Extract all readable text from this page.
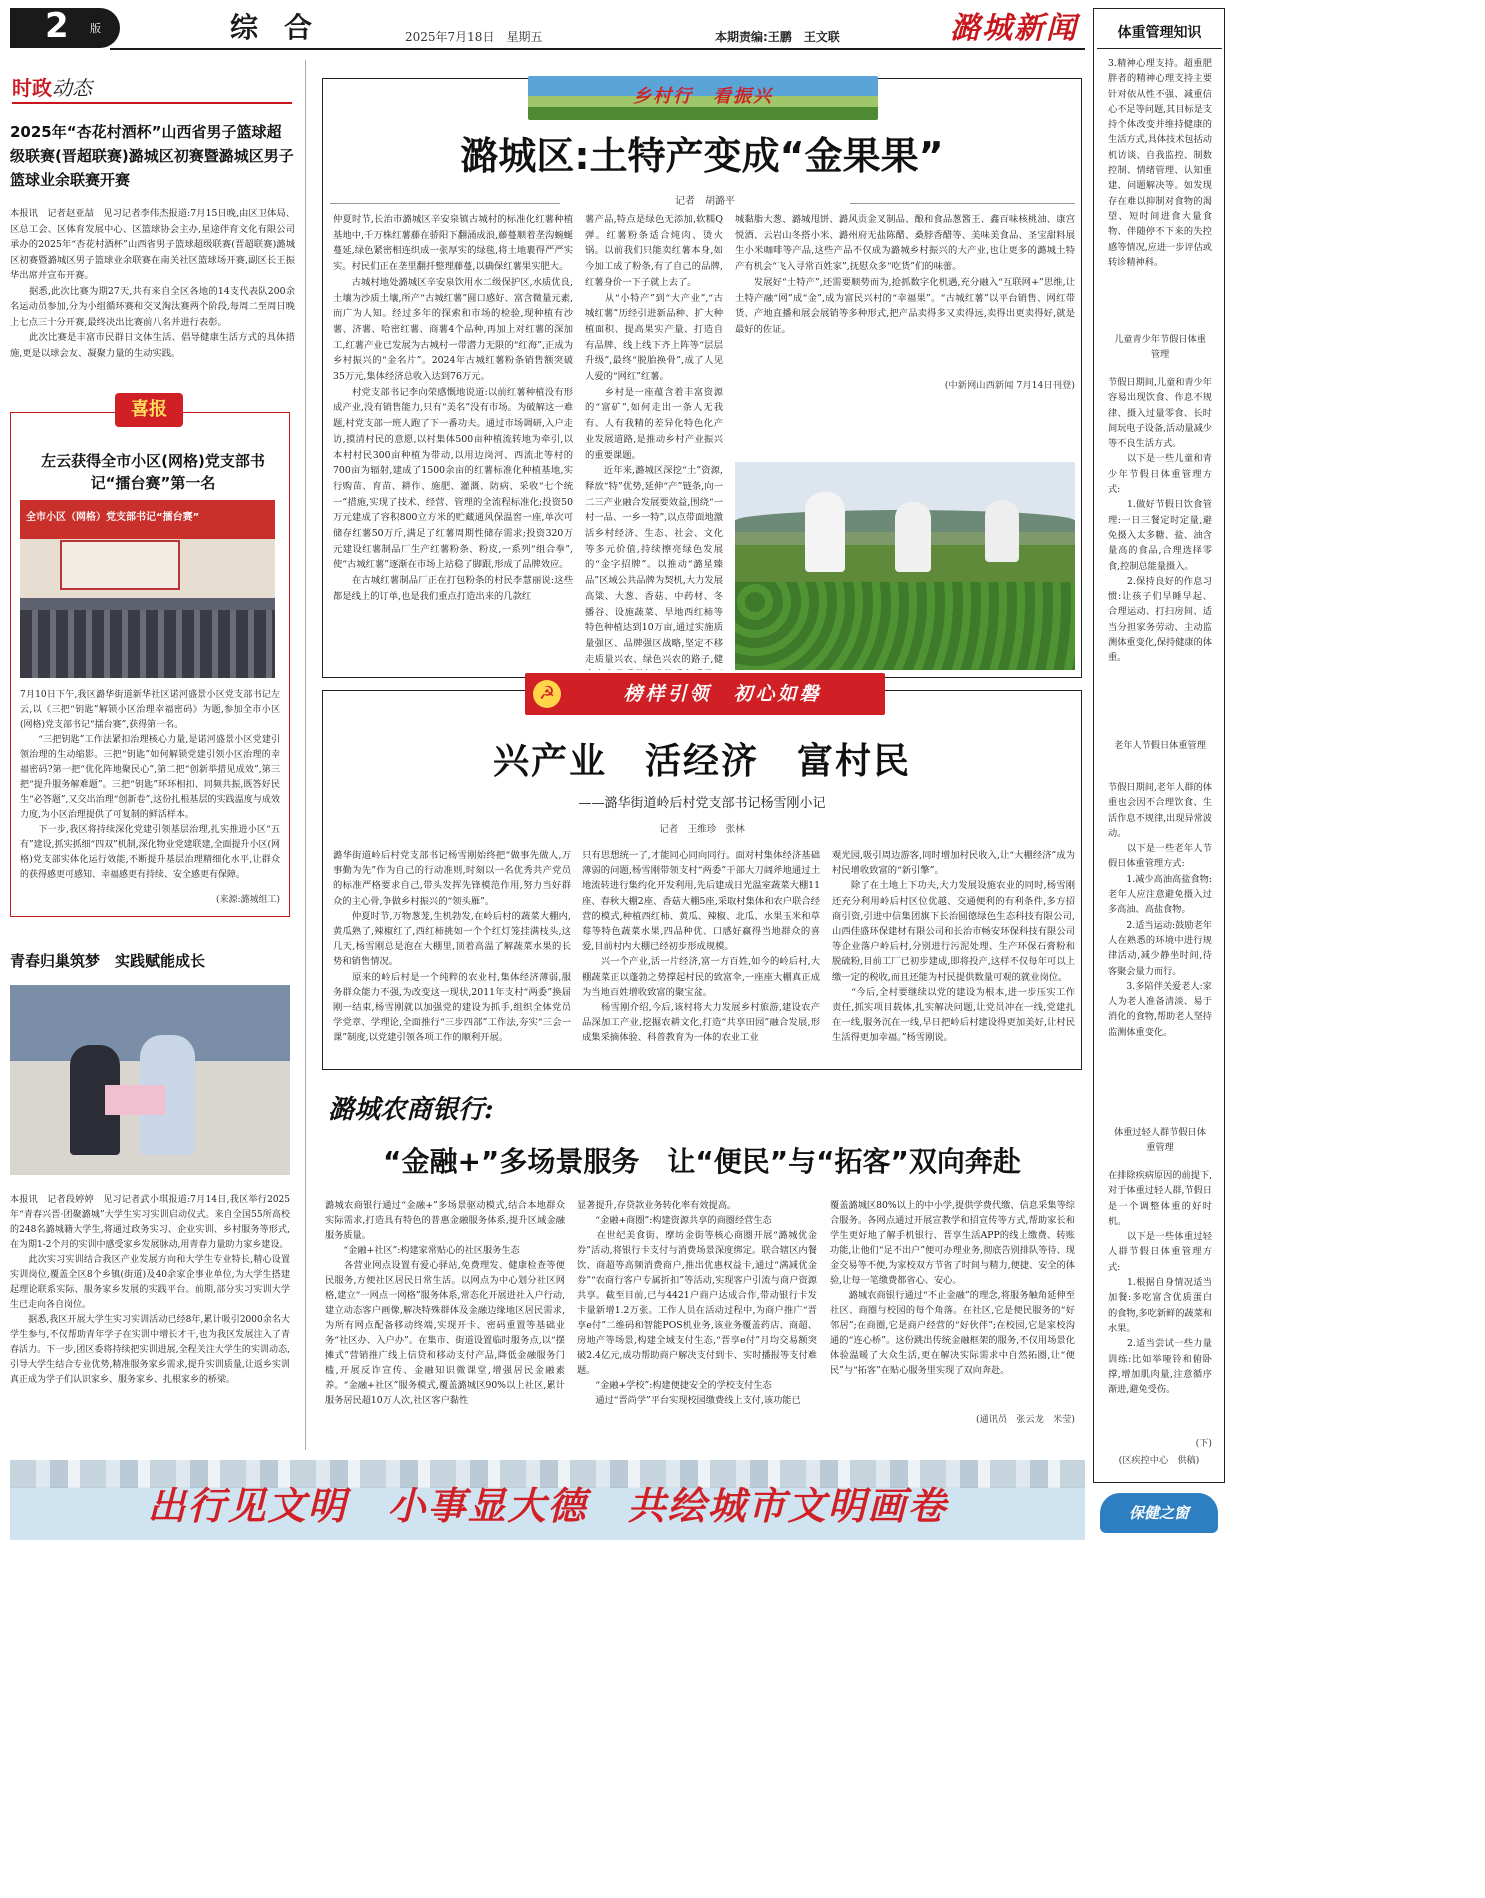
2 版	综合	2025年7月18日　星期五	本期责编:王鹏　王文联	潞城新闻
时政动态
2025年“杏花村酒杯”山西省男子篮球超级联赛(晋超联赛)潞城区初赛暨潞城区男子篮球业余联赛开赛
本报讯　记者赵亚喆　见习记者李伟杰报道:7月15日晚,由区卫体局、区总工会、区体育发展中心、区篮球协会主办,星途伴育文化有限公司承办的2025年“杏花村酒杯”山西省男子篮球超级联赛(晋超联赛)潞城区初赛暨潞城区男子篮球业余联赛在南关社区篮球场开赛,副区长王振华出席并宣布开赛。
　　据悉,此次比赛为期27天,共有来自全区各地的14支代表队200余名运动员参加,分为小组循环赛和交叉淘汰赛两个阶段,每周二至周日晚上七点三十分开赛,最终决出比赛前八名并进行表彰。
　　此次比赛是丰富市民群日文体生活、倡导健康生活方式的具体措施,更是以球会友、凝聚力量的生动实践。
喜报
左云获得全市小区(网格)党支部书记“擂台赛”第一名
全市小区（网格）党支部书记“擂台赛”
7月10日下午,我区潞华街道新华社区诺河盛景小区党支部书记左云,以《三把“钥匙”解锁小区治理幸福密码》为题,参加全市小区(网格)党支部书记“擂台赛”,获得第一名。
　　“三把钥匙”工作法紧扣治理核心力量,是诺河盛景小区党建引领治理的生动缩影。三把“钥匙”如何解锁党建引领小区治理的幸福密码?第一把“优化阵地聚民心”,第二把“创新举措见成效”,第三把“提升服务解难题”。三把“钥匙”环环相扣、同频共振,既答好民生“必答题”,又交出治理“创新卷”,这份扎根基层的实践温度与成效力度,为小区治理提供了可复制的鲜活样本。
　　下一步,我区将持续深化党建引领基层治理,扎实推进小区“五有”建设,抓实抓细“四双”机制,深化物业党建联建,全面提升小区(网格)党支部实体化运行效能,不断提升基层治理精细化水平,让群众的获得感更可感知、幸福感更有持续、安全感更有保障。
(来源:潞城组工)
青春归巢筑梦　实践赋能成长
本报讯　记者段婷婷　见习记者武小琪报道:7月14日,我区举行2025年“青春兴晋·团聚潞城”大学生实习实训启动仪式。来自全国55所高校的248名潞城籍大学生,将通过政务实习、企业实训、乡村服务等形式,在为期1-2个月的实训中感受家乡发展脉动,用青春力量助力家乡建设。
　　此次实习实训结合我区产业发展方向和大学生专业特长,精心设置实训岗位,覆盖全区8个乡镇(街道)及40余家企事业单位,为大学生搭建起理论联系实际、服务家乡发展的实践平台。前期,部分实习实训大学生已走向各自岗位。
　　据悉,我区开展大学生实习实训活动已经8年,累计吸引2000余名大学生参与,不仅帮助青年学子在实训中增长才干,也为我区发展注入了青春活力。下一步,团区委将持续把实训进展,全程关注大学生的实训动态,引导大学生结合专业优势,精准服务家乡需求,提升实训质量,让返乡实训真正成为学子们认识家乡、服务家乡、扎根家乡的桥梁。
乡村行　看振兴
潞城区:土特产变成“金果果”
记者　胡潞平
仲夏时节,长治市潞城区辛安泉镇古城村的标准化红薯种植基地中,千万株红薯藤在骄阳下翻涌成浪,藤蔓顺着垄沟蜿蜒蔓延,绿色紧密相连织成一张厚实的绿毯,将土地裹得严严实实。村民们正在垄里翻扦整理藤蔓,以确保红薯果实肥大。
　　古城村地处潞城区辛安泉饮用水二级保护区,水质优良,土壤为沙质土壤,所产“古城红薯”圆口感好、富含微量元素,而广为人知。经过多年的探索和市场的检验,现种植有沙薯、济薯、哈密红薯、商薯4个品种,再加上对红薯的深加工,红薯产业已发展为古城村一带潜力无限的“红海”,正成为乡村振兴的“金名片”。2024年古城红薯粉条销售额突破35万元,集体经济总收入达到76万元。
　　村党支部书记李向荣感慨地说道:以前红薯种植没有形成产业,没有销售能力,只有“美名”没有市场。为破解这一难题,村党支部一班人跑了下一番功夫。通过市场调研,入户走访,摸清村民的意愿,以村集体500亩种植流转地为牵引,以本村村民300亩种植为带动,以用边岗河、西流北等村的700亩为辐射,建成了1500余亩的红薯标准化种植基地,实行购苗、育苗、耕作、施肥、灌溉、防病、采收“七个统一”措施,实现了技术、经营、管理的全流程标准化;投资50万元建成了容积800立方米的贮藏通风保温窖一座,单次可储存红薯50万斤,满足了红薯周期性储存需求;投资320万元建设红薯制品厂生产红薯粉条、粉皮,一系列“组合拳”,使“古城红薯”逐渐在市场上站稳了脚跟,形成了品牌效应。
　　在古城红薯制品厂正在打包粉条的村民李慧丽说:这些都是线上的订单,也是我们重点打造出来的几款红
薯产品,特点是绿色无添加,软糯Q弹。红薯粉条适合炖肉、烫火锅。以前我们只能卖红薯本身,如今加工成了粉条,有了自己的品牌,红薯身价一下子就上去了。
　　从“小特产”到“大产业”,“古城红薯”历经引进新品种、扩大种植面积、提高果实产量、打造自有品牌、线上线下齐上阵等“层层升级”,最终“脱胎换骨”,成了人见人爱的“网红”红薯。
　　乡村是一座蕴含着丰富资源的“富矿”,如何走出一条人无我有、人有我精的差异化特色化产业发展道路,是推动乡村产业振兴的重要课题。
　　近年来,潞城区深挖“土”资源,释放“特”优势,延伸“产”链条,向一二三产业融合发展要效益,围绕“一村一品、一乡一特”,以点带面地激活乡村经济、生态、社会、文化等多元价值,持续擦亮绿色发展的“金字招牌”。以推动“潞星臻品”区域公共品牌为契机,大力发展高粱、大葱、香菇、中药材、冬播谷、设施蔬菜、旱地西红柿等特色种植达到10万亩,通过实施质量强区、品牌强区战略,坚定不移走质量兴农、绿色兴农的路子,健

城黏脂大葱、潞城甩饼、潞风贡金叉制品、酿和食品葱酱王、鑫百味核桃油、康宫悦酒、云岩山冬搭小米、潞州府无盐陈醋、桑脖香醋等、美味美食品、圣宝甜料展生小米咖啡等产品,这些产品不仅成为潞城乡村振兴的大产业,也让更多的潞城土特产有机会“飞入寻常百姓家”,抚慰众多“吃货”们的味蕾。
　　发展好“土特产”,还需要顺势而为,抢抓数字化机遇,充分融入“互联网+”思维,让土特产融“网”成“金”,成为富民兴村的“幸福果”。“古城红薯”以平台销售、网红带货、产地直播和展会展销等多种形式,把产品卖得多又卖得远,卖得出更卖得好,就是最好的佐证。
(中新网山西新闻 7月14日刊登)
☭	榜样引领　初心如磐
兴产业　活经济　富村民
——潞华街道岭后村党支部书记杨雪刚小记
记者　王维珍　张林
潞华街道岭后村党支部书记杨雪刚始终把“做事先做人,万事勤为先”作为自己的行动准则,时刻以一名优秀共产党员的标准严格要求自己,带头发挥先锋模范作用,努力当好群众的主心骨,争做乡村振兴的“领头雁”。
　　仲夏时节,万物葱茏,生机勃发,在岭后村的蔬菜大棚内,黄瓜熟了,辣椒红了,西红柿挑如一个个红灯笼挂满枝头,这几天,杨雪刚总是泡在大棚里,顶着高温了解蔬菜水果的长势和销售情况。
　　原来的岭后村是一个纯粹的农业村,集体经济薄弱,服务群众能力不强,为改变这一现状,2011年支村“两委”换届刚一结束,杨雪刚就以加强党的建设为抓手,组织全体党员学党章、学理论,全面推行“三步四部”工作法,夯实“三会一课”制度,以党建引领各项工作的顺利开展。
只有思想统一了,才能同心同向同行。面对村集体经济基础薄弱的问题,杨雪刚带领支村“两委”干部大刀阔斧地通过土地流转进行集约化开发利用,先后建成日光温室蔬菜大棚11座、春秋大棚2座、香菇大棚5座,采取村集体和农户联合经营的模式,种植西红柿、黄瓜、辣椒、北瓜、水果玉米和草莓等特色蔬菜水果,四品种优、口感好赢得当地群众的喜爱,目前村内大棚已经初步形成规模。
　　兴一个产业,活一片经济,富一方百姓,如今的岭后村,大棚蔬菜正以蓬勃之势撑起村民的致富伞,一座座大棚真正成为当地百姓增收致富的聚宝盆。
　　杨雪刚介绍,今后,该村将大力发展乡村旅游,建设农产品深加工产业,挖掘农耕文化,打造“共享田园”融合发展,形成集采摘体验、科普教育为一体的农业工业
观光园,吸引周边游客,同时增加村民收入,让“大棚经济”成为村民增收致富的“新引擎”。
　　除了在土地上下功夫,大力发展设施农业的同时,杨雪刚还充分利用岭后村区位优越、交通便利的有利条件,多方招商引资,引进中信集团旗下长治圆德绿色生态科技有限公司,山西佳盛环保建材有限公司和长治市畅安环保科技有限公司等企业落户岭后村,分别进行污泥处理、生产环保石膏粉和脱硫粉,目前工厂已初步建成,即将投产,这样不仅每年可以上缴一定的税收,而且还能为村民提供数量可观的就业岗位。
　　“今后,全村要继续以党的建设为根本,进一步压实工作责任,抓实项目载体,扎实解决问题,让党员冲在一线,党建扎在一线,服务沉在一线,早日把岭后村建设得更加美好,让村民生活得更加幸福。”杨雪刚说。
潞城农商银行:
“金融+”多场景服务　让“便民”与“拓客”双向奔赴
潞城农商银行通过“金融+”多场景驱动模式,结合本地群众实际需求,打造具有特色的普惠金融服务体系,提升区域金融服务质量。
　　“金融+社区”:构建家常贴心的社区服务生态
　　各营业网点设置有爱心驿站,免费理发、健康检查等便民服务,方便社区居民日常生活。以网点为中心划分社区网格,建立“一网点一网格”服务体系,常态化开展进社入户行动,建立动态客户画像,解决特殊群体及金融边缘地区居民需求,为所有网点配备移动终端,实现开卡、密码重置等基础业务“社区办、入户办”。在集市、街道设置临时服务点,以“摆摊式”营销推广线上信贷和移动支付产品,降低金融服务门槛,开展反诈宣传、金融知识微课堂,增强居民金融素养。“金融+社区”服务模式,覆盖潞城区90%以上社区,累计服务居民超10万人次,社区客户黏性
显著提升,存贷款业务转化率有效提高。
　　“金融+商圈”:构建资源共享的商圈经营生态
　　在世纪美食街、摩坊金街等核心商圈开展“潞城优金券”活动,将银行卡支付与消费场景深度绑定。联合辖区内餐饮、商超等高频消费商户,推出优惠权益卡,通过“满减优金券”“农商行客户专属折扣”等活动,实现客户引流与商户资源共享。截至目前,已与4421户商户达成合作,带动银行卡发卡量新增1.2万张。工作人员在活动过程中,为商户推广“晋享e付”二维码和智能POS机业务,该业务覆盖药店、商超、房地产等场景,构建全域支付生态,“晋享e付”月均交易额突破2.4亿元,成功帮助商户解决支付到卡、实时播报等支付难题。
　　“金融+学校”:构建便捷安全的学校支付生态
　　通过“晋尚学”平台实现校园缴费线上支付,该功能已
覆盖潞城区80%以上的中小学,提供学费代缴、信息采集等综合服务。各网点通过开展宣教学和招宣传等方式,帮助家长和学生更好地了解手机银行、晋享生活APP的线上缴费、转账功能,让他们“足不出户”便可办理业务,彻底告别排队等待、现金交易等不便,为家校双方节省了时间与精力,便捷、安全的体验,让每一笔缴费都省心、安心。
　　潞城农商银行通过“不止金融”的理念,将服务触角延伸至社区、商圈与校园的每个角落。在社区,它是便民服务的“好邻居”;在商圈,它是商户经营的“好伙伴”;在校园,它是家校沟通的“连心桥”。这份跳出传统金融框架的服务,不仅用场景化体验温暖了大众生活,更在解决实际需求中自然拓圈,让“便民”与“拓客”在贴心服务里实现了双向奔赴。
(通讯员　张云龙　米莹)
体重管理知识
3.精神心理支持。超重肥胖者的精神心理支持主要针对依从性不强、减重信心不足等问题,其目标是支持个体改变并维持健康的生活方式,具体技术包括动机访谈、自我监控、制数控制、情绪管理、认知重建、问题解决等。如发现存在难以抑制对食物的渴望、短时间进食大量食物、伴随停不下来的失控感等情况,应进一步评估或转诊精神科。
儿童青少年节假日体重管理
节假日期间,儿童和青少年容易出现饮食、作息不规律、摄入过量零食、长时间玩电子设备,活动量减少等不良生活方式。
　　以下是一些儿童和青少年节假日体重管理方式:
　　1.做好节假日饮食管理:一日三餐定时定量,避免摄入太多糖、盐、油含量高的食品,合理选择零食,控制总能量摄入。
　　2.保持良好的作息习惯:让孩子们早睡早起、合理运动、打扫房间、适当分担家务劳动、主动监测体重变化,保持健康的体重。
老年人节假日体重管理
节假日期间,老年人群的体重也会因不合理饮食、生活作息不规律,出现异常波动。
　　以下是一些老年人节假日体重管理方式:
　　1.减少高油高盐食物:老年人应注意避免摄入过多高油、高盐食物。
　　2.适当运动:鼓励老年人在熟悉的环境中进行规律活动,减少静坐时间,待客聚会量力而行。
　　3.多陪伴关爱老人:家人为老人准备清淡、易于消化的食物,帮助老人坚持监测体重变化。
体重过轻人群节假日体重管理
在排除疾病原因的前提下,对于体重过轻人群,节假日是一个调整体重的好时机。
　　以下是一些体重过轻人群节假日体重管理方式:
　　1.根据自身情况适当加餐:多吃富含优质蛋白的食物,多吃新鲜的蔬菜和水果。
　　2.适当尝试一些力量训练:比如举哑铃和俯卧撑,增加肌肉量,注意循序渐进,避免受伤。
(下)
(区疾控中心　供稿)
出行见文明　小事显大德　共绘城市文明画卷	保健之窗
